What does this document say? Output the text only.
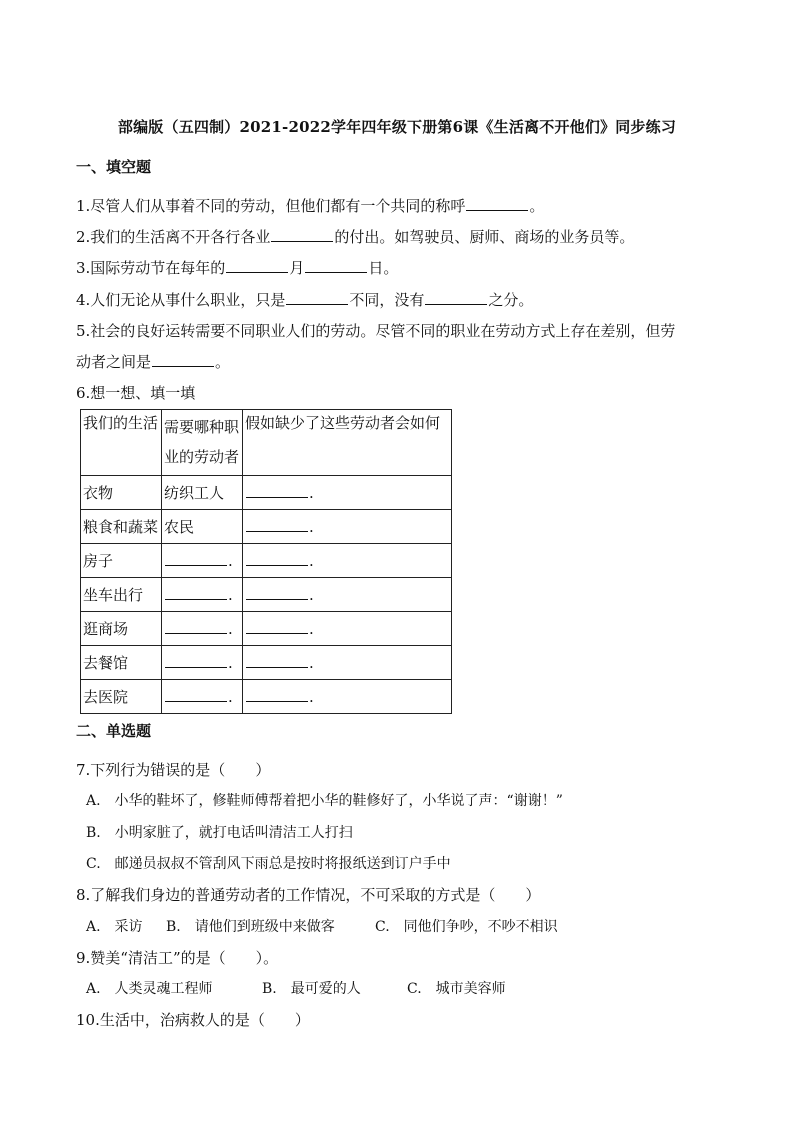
部编版（五四制）2021-2022学年四年级下册第6课《生活离不开他们》同步练习
一、填空题
1.尽管人们从事着不同的劳动，但他们都有一个共同的称呼	。
2.我们的生活离不开各行各业	的付出。如驾驶员、厨师、商场的业务员等。
3.国际劳动节在每年的	月	日。
4.人们无论从事什么职业，只是	不同，没有	之分。
5.社会的良好运转需要不同职业人们的劳动。尽管不同的职业在劳动方式上存在差别，但劳
动者之间是	。
6.想一想、填一填
我们的生活	需要哪种职业的劳动者	假如缺少了这些劳动者会如何
衣物	纺织工人	.
粮食和蔬菜	农民	.
房子	.	.
坐车出行	.	.
逛商场	.	.
去餐馆	.	.
去医院	.	.
二、单选题
7.下列行为错误的是（　　）
A.　小华的鞋坏了，修鞋师傅帮着把小华的鞋修好了，小华说了声：“谢谢！”
B.　小明家脏了，就打电话叫清洁工人打扫
C.　邮递员叔叔不管刮风下雨总是按时将报纸送到订户手中
8.了解我们身边的普通劳动者的工作情况，不可采取的方式是（　　）
A.　采访 B.　请他们到班级中来做客	C.　同他们争吵，不吵不相识
9.赞美“清洁工”的是（　　）。
A.　人类灵魂工程师	B.　最可爱的人	C.　城市美容师
10.生活中，治病救人的是（　　）
